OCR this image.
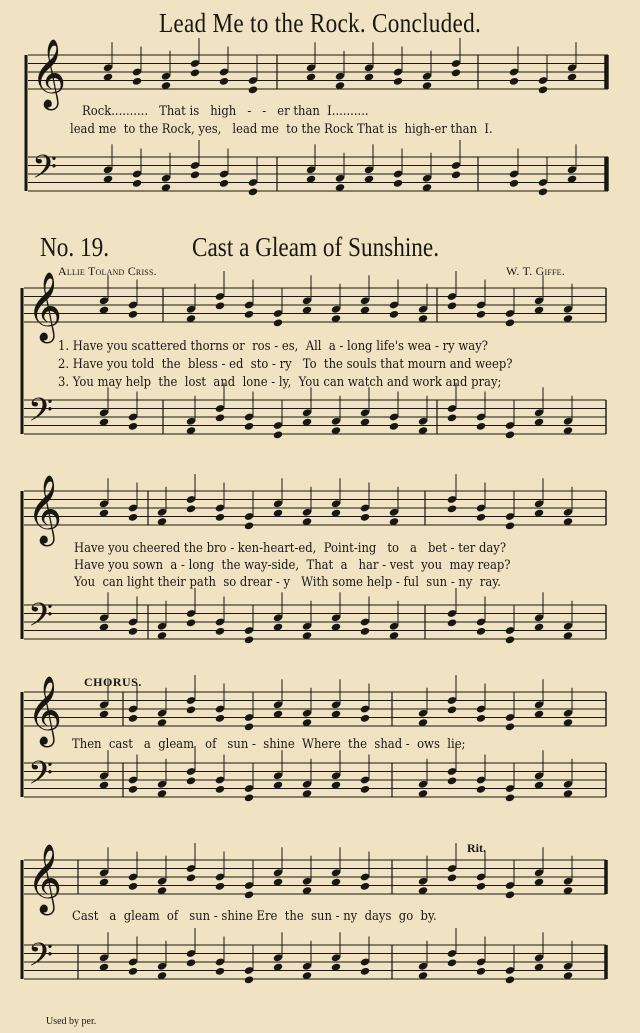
𝄞
𝄢
𝄞
𝄢
𝄞
𝄢
𝄞
𝄢
𝄞
𝄢
Lead Me to the Rock. Concluded.
No. 19.	Cast a Gleam of Sunshine.
Allie Toland Criss.	W. T. Giffe.
Rock..........   That is   high   -   -   er than  I..........
lead me  to the Rock, yes,   lead me  to the Rock That is  high-er than  I.
1. Have you scattered thorns or  ros - es,  All  a - long life's wea - ry way?
2. Have you told  the  bless - ed  sto - ry   To  the souls that mourn and weep?
3. You may help  the  lost  and  lone - ly,  You can watch and work and pray;
Have you cheered the bro - ken-heart-ed,  Point-ing   to   a   bet - ter day?
Have you sown  a - long  the way-side,  That  a   har - vest  you  may reap?
You  can light their path  so drear - y   With some help - ful  sun - ny  ray.
CHORUS.
Then  cast   a  gleam   of   sun -  shine  Where  the  shad -  ows  lie;
Rit.
Cast   a  gleam  of   sun - shine Ere  the  sun - ny  days  go  by.
Used by per.
